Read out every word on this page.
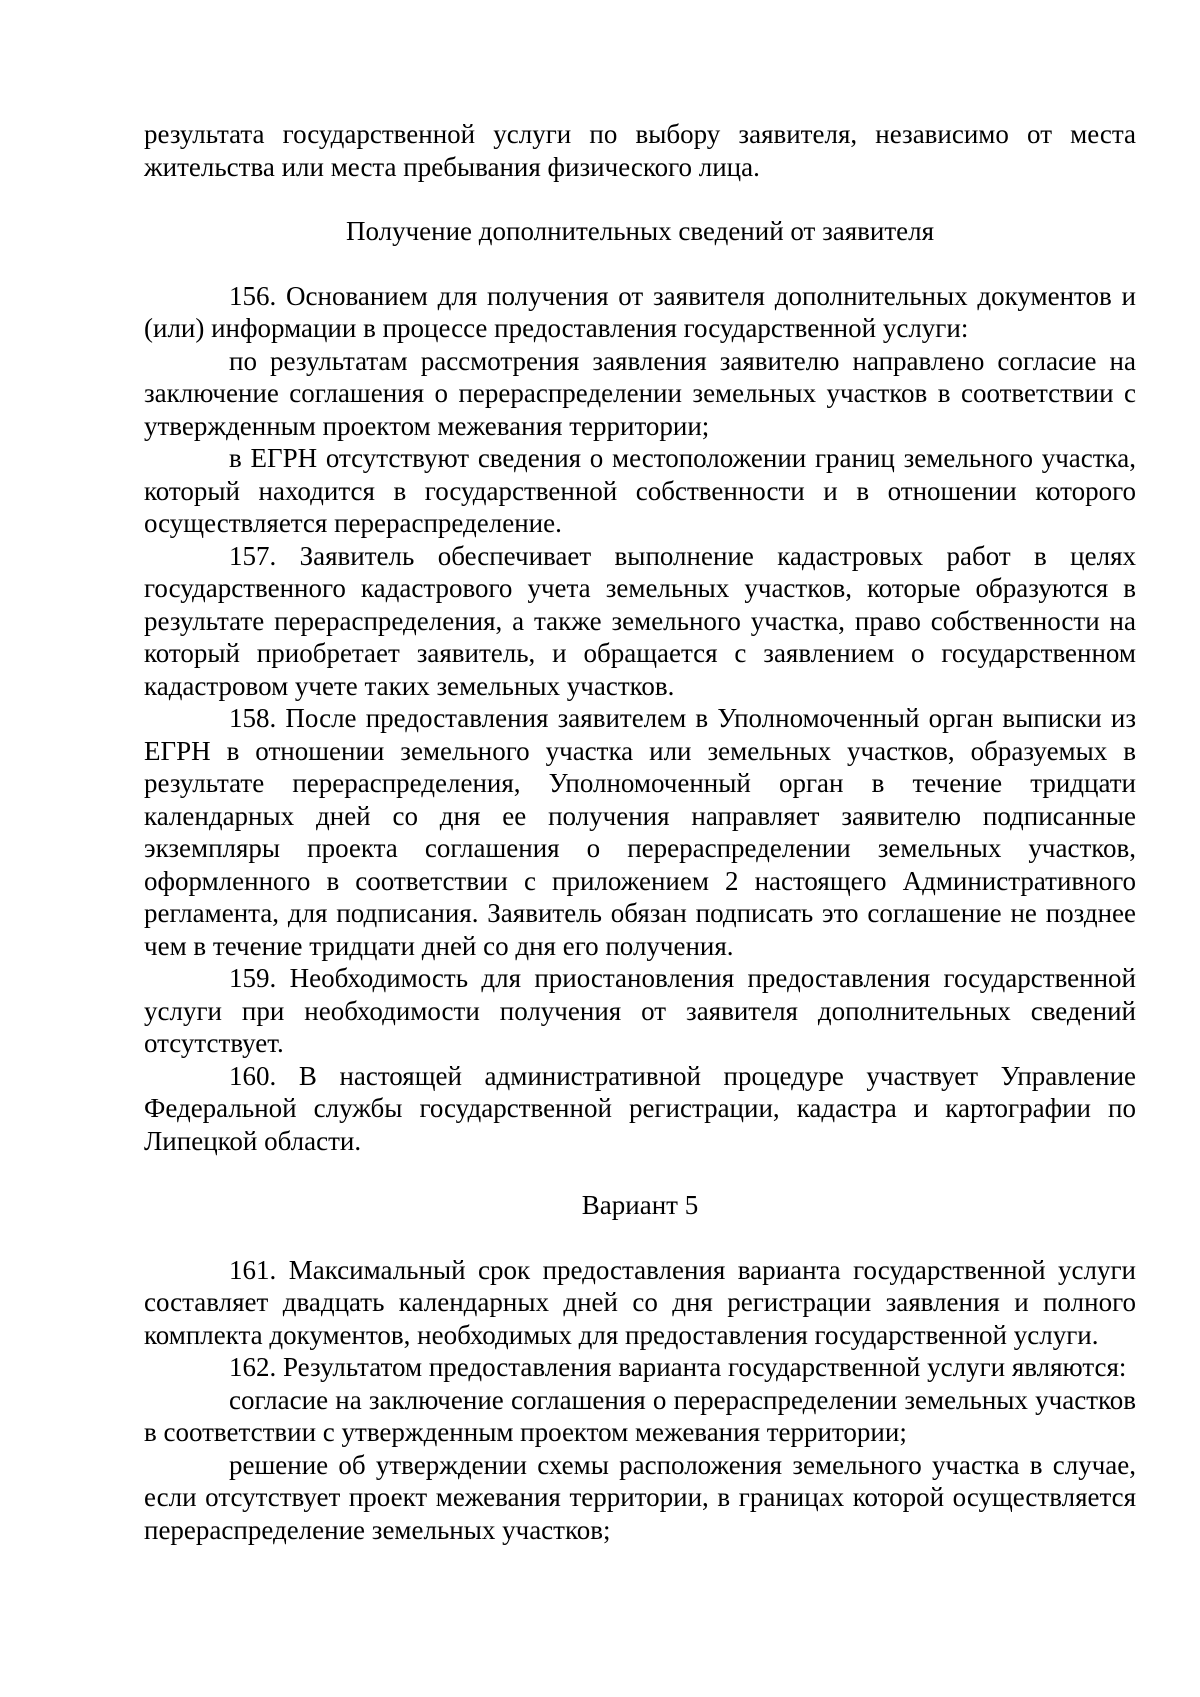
результата государственной услуги по выбору заявителя, независимо от места жительства или места пребывания физического лица.

Получение дополнительных сведений от заявителя

156. Основанием для получения от заявителя дополнительных документов и (или) информации в процессе предоставления государственной услуги:

по результатам рассмотрения заявления заявителю направлено согласие на заключение соглашения о перераспределении земельных участков в соответствии с утвержденным проектом межевания территории;

в ЕГРН отсутствуют сведения о местоположении границ земельного участка, который находится в государственной собственности и в отношении которого осуществляется перераспределение.

157. Заявитель обеспечивает выполнение кадастровых работ в целях государственного кадастрового учета земельных участков, которые образуются в результате перераспределения, а также земельного участка, право собственности на который приобретает заявитель, и обращается с заявлением о государственном кадастровом учете таких земельных участков.

158. После предоставления заявителем в Уполномоченный орган выписки из ЕГРН в отношении земельного участка или земельных участков, образуемых в результате перераспределения, Уполномоченный орган в течение тридцати календарных дней со дня ее получения направляет заявителю подписанные экземпляры проекта соглашения о перераспределении земельных участков, оформленного в соответствии с приложением 2 настоящего Административного регламента, для подписания. Заявитель обязан подписать это соглашение не позднее чем в течение тридцати дней со дня его получения.

159. Необходимость для приостановления предоставления государственной услуги при необходимости получения от заявителя дополнительных сведений отсутствует.

160. В настоящей административной процедуре участвует Управление Федеральной службы государственной регистрации, кадастра и картографии по Липецкой области.

Вариант 5

161. Максимальный срок предоставления варианта государственной услуги составляет двадцать календарных дней со дня регистрации заявления и полного комплекта документов, необходимых для предоставления государственной услуги.

162. Результатом предоставления варианта государственной услуги являются:

согласие на заключение соглашения о перераспределении земельных участков в соответствии с утвержденным проектом межевания территории;

решение об утверждении схемы расположения земельного участка в случае, если отсутствует проект межевания территории, в границах которой осуществляется перераспределение земельных участков;
